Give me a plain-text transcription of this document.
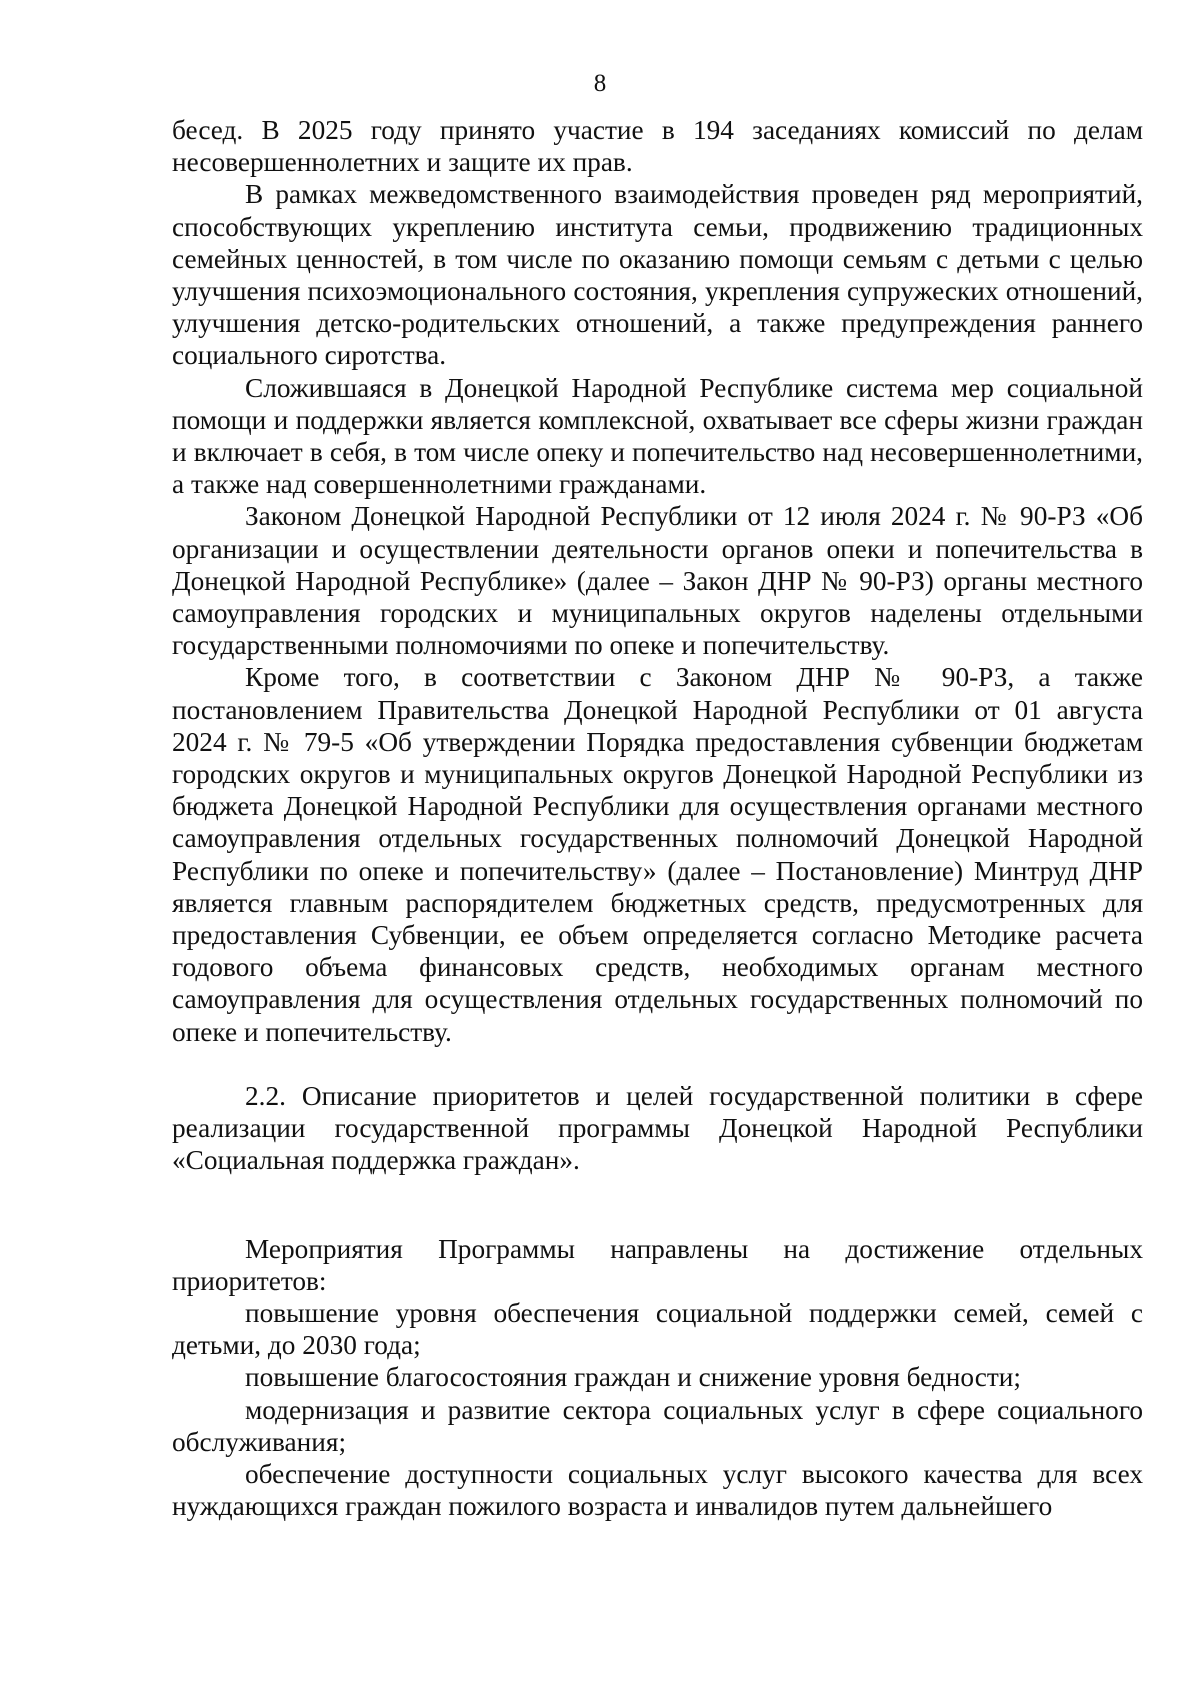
8

бесед. В 2025 году принято участие в 194 заседаниях комиссий по делам несовершеннолетних и защите их прав.

В рамках межведомственного взаимодействия проведен ряд мероприятий, способствующих укреплению института семьи, продвижению традиционных семейных ценностей, в том числе по оказанию помощи семьям с детьми с целью улучшения психоэмоционального состояния, укрепления супружеских отношений, улучшения детско-родительских отношений, а также предупреждения раннего социального сиротства.

Сложившаяся в Донецкой Народной Республике система мер социальной помощи и поддержки является комплексной, охватывает все сферы жизни граждан и включает в себя, в том числе опеку и попечительство над несовершеннолетними, а также над совершеннолетними гражданами.

Законом Донецкой Народной Республики от 12 июля 2024 г. № 90-РЗ «Об организации и осуществлении деятельности органов опеки и попечительства в Донецкой Народной Республике» (далее – Закон ДНР № 90-РЗ) органы местного самоуправления городских и муниципальных округов наделены отдельными государственными полномочиями по опеке и попечительству.

Кроме того, в соответствии с Законом ДНР № 90-РЗ, а также постановлением Правительства Донецкой Народной Республики от 01 августа 2024 г. № 79-5 «Об утверждении Порядка предоставления субвенции бюджетам городских округов и муниципальных округов Донецкой Народной Республики из бюджета Донецкой Народной Республики для осуществления органами местного самоуправления отдельных государственных полномочий Донецкой Народной Республики по опеке и попечительству» (далее – Постановление) Минтруд ДНР является главным распорядителем бюджетных средств, предусмотренных для предоставления Субвенции, ее объем определяется согласно Методике расчета годового объема финансовых средств, необходимых органам местного самоуправления для осуществления отдельных государственных полномочий по опеке и попечительству.

2.2. Описание приоритетов и целей государственной политики в сфере реализации государственной программы Донецкой Народной Республики «Социальная поддержка граждан».

Мероприятия Программы направлены на достижение отдельных приоритетов:

повышение уровня обеспечения социальной поддержки семей, семей с детьми, до 2030 года;

повышение благосостояния граждан и снижение уровня бедности;

модернизация и развитие сектора социальных услуг в сфере социального обслуживания;

обеспечение доступности социальных услуг высокого качества для всех нуждающихся граждан пожилого возраста и инвалидов путем дальнейшего
